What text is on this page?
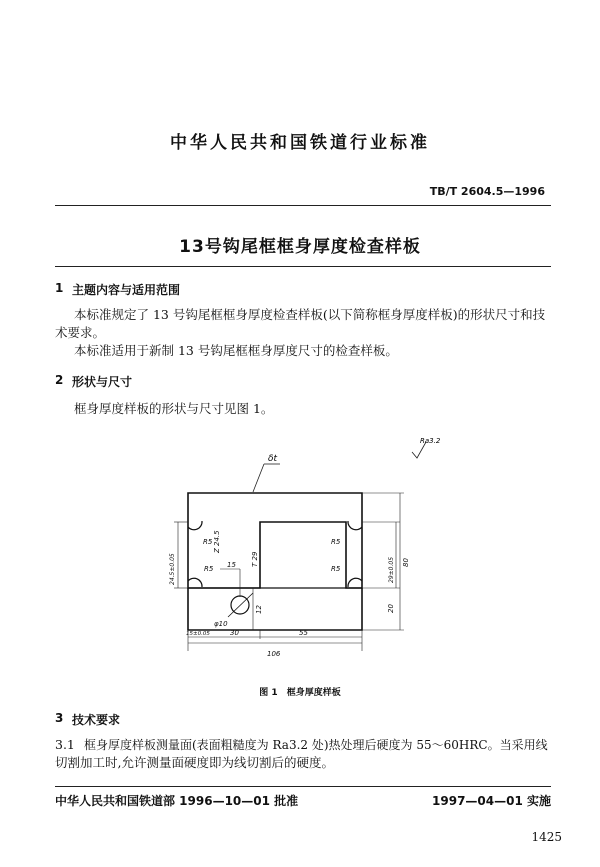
中华人民共和国铁道行业标准
TB/T 2604.5—1996
13号钩尾框框身厚度检查样板
1 主题内容与适用范围
本标准规定了 13 号钩尾框框身厚度检查样板(以下简称框身厚度样板)的形状尺寸和技
术要求。
本标准适用于新制 13 号钩尾框框身厚度尺寸的检查样板。
2 形状与尺寸
框身厚度样板的形状与尺寸见图 1。
Ra3.2
δt
R5
R5
R5
R5
Z 24.5
T 29
15
12
φ10
24.5±0.05	29±0.05 80
20
15±0.05	30	55
106
图 1　框身厚度样板
3 技术要求
3.1 框身厚度样板测量面(表面粗糙度为 Ra3.2 处)热处理后硬度为 55～60HRC。当采用线
切割加工时,允许测量面硬度即为线切割后的硬度。
中华人民共和国铁道部 1996—10—01 批准	1997—04—01 实施
1425
